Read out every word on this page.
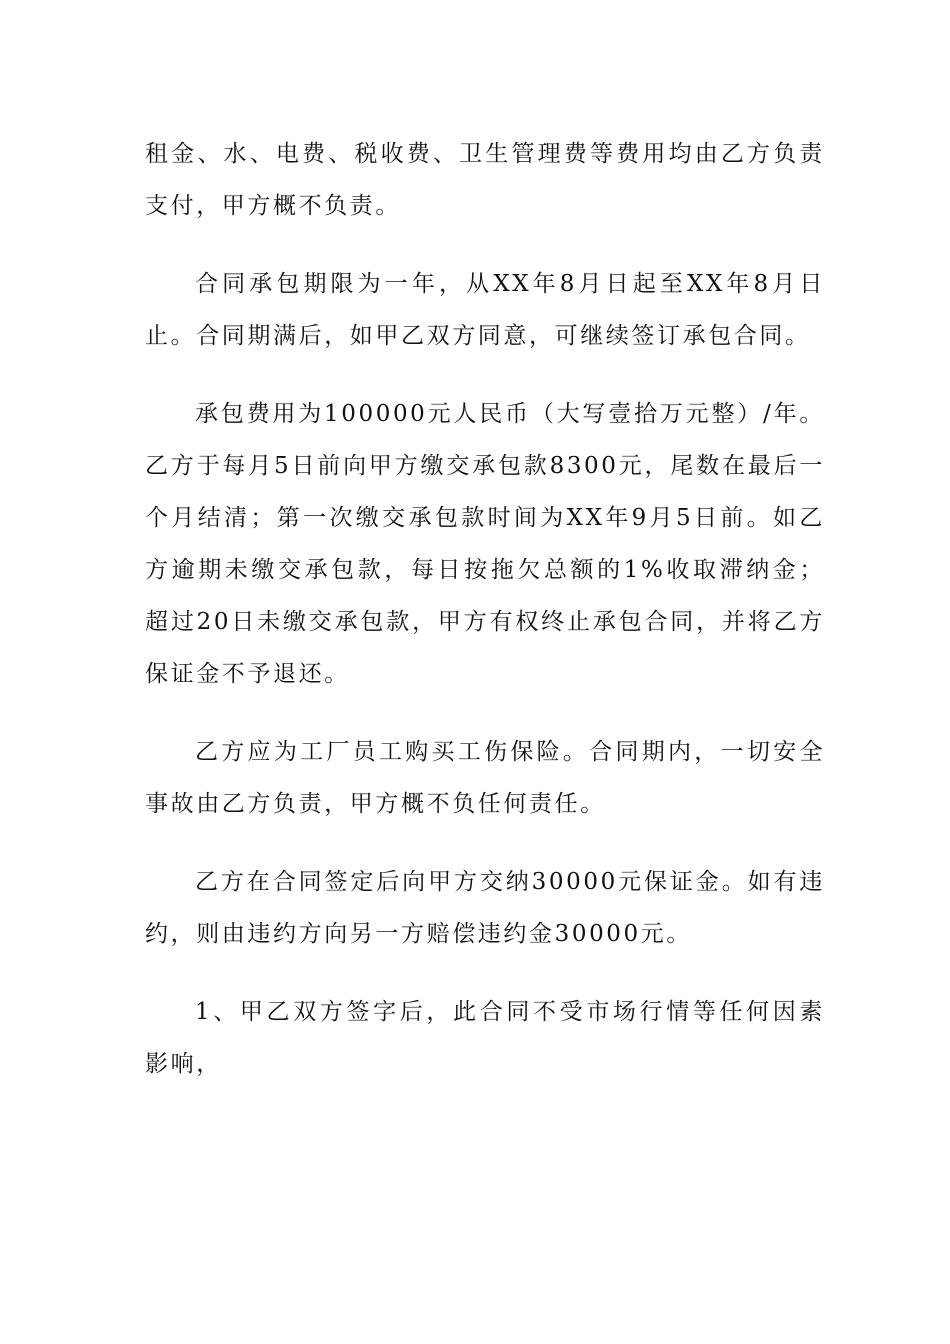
租金、水、电费、税收费、卫生管理费等费用均由乙方负责支付，甲方概不负责。

合同承包期限为一年，从XX年8月日起至XX年8月日止。合同期满后，如甲乙双方同意，可继续签订承包合同。

承包费用为100000元人民币（大写壹拾万元整）/年。乙方于每月5日前向甲方缴交承包款8300元，尾数在最后一个月结清；第一次缴交承包款时间为XX年9月5日前。如乙方逾期未缴交承包款，每日按拖欠总额的1%收取滞纳金；超过20日未缴交承包款，甲方有权终止承包合同，并将乙方保证金不予退还。

乙方应为工厂员工购买工伤保险。合同期内，一切安全事故由乙方负责，甲方概不负任何责任。

乙方在合同签定后向甲方交纳30000元保证金。如有违约，则由违约方向另一方赔偿违约金30000元。

1、甲乙双方签字后，此合同不受市场行情等任何因素影响，
